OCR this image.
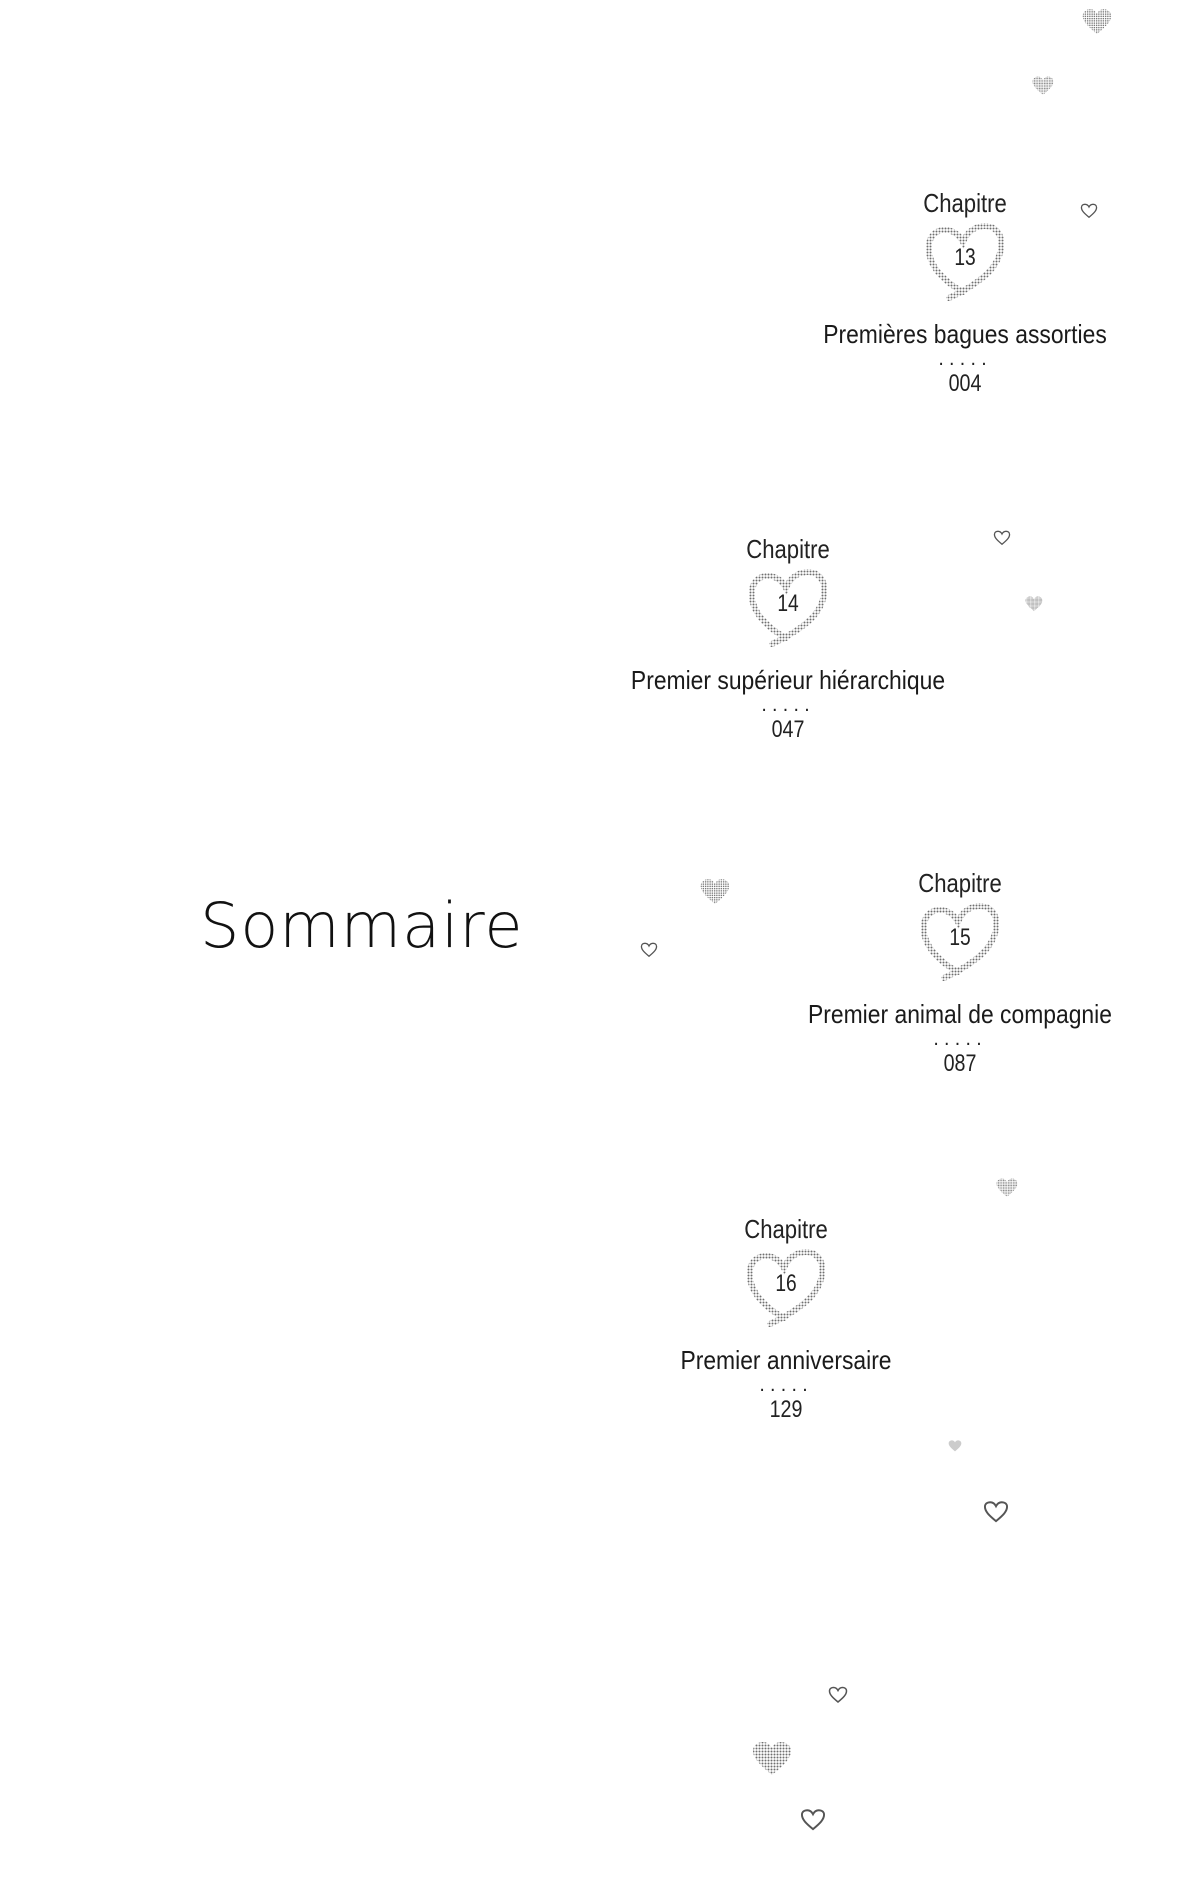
Sommaire
Chapitre
13
Premières bagues assorties
.....
004
Chapitre
14
Premier supérieur hiérarchique
.....
047
Chapitre
15
Premier animal de compagnie
.....
087
Chapitre
16
Premier anniversaire
.....
129
